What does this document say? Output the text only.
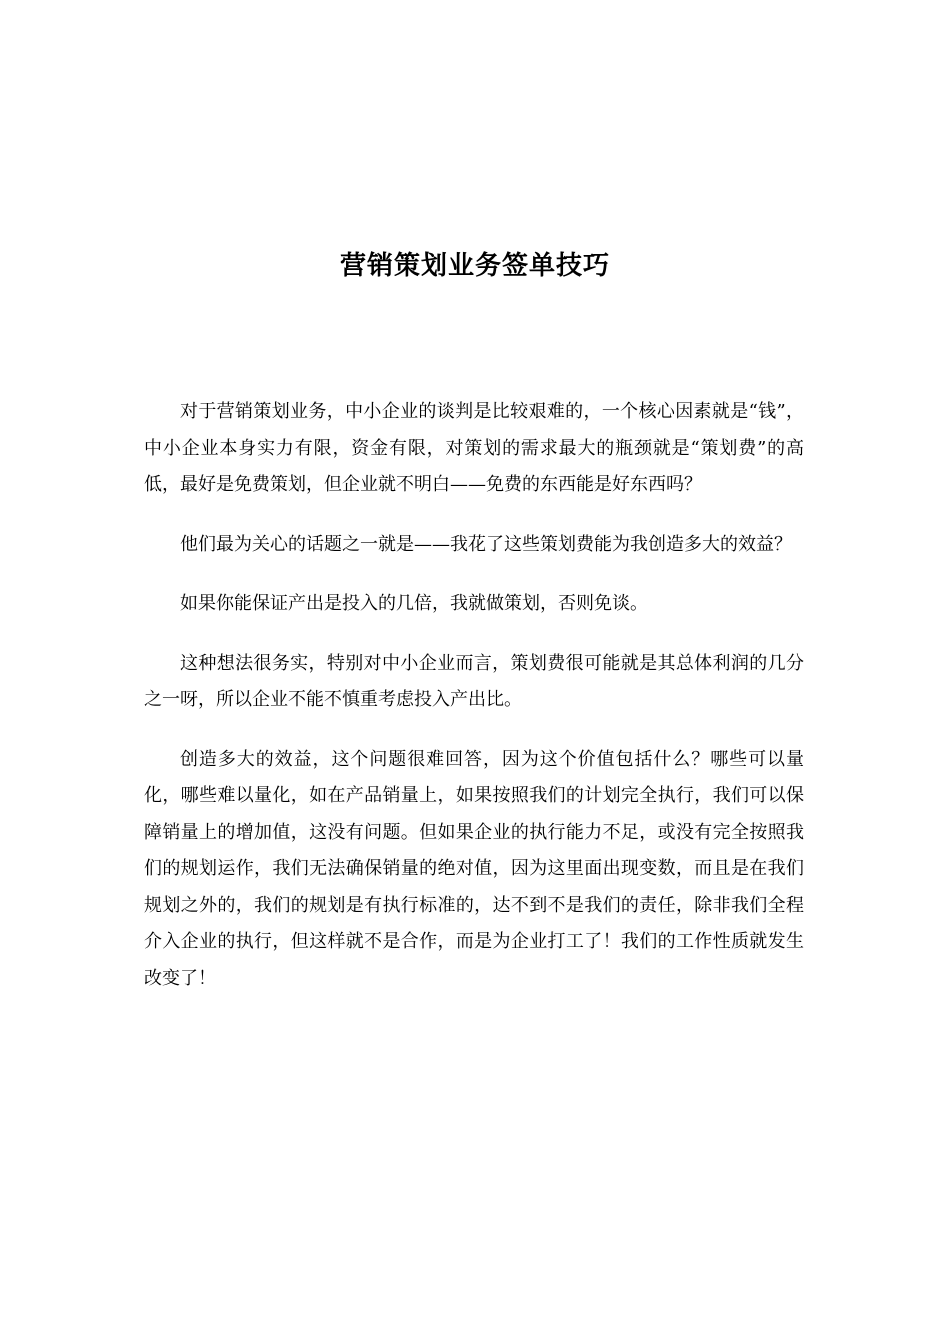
营销策划业务签单技巧

对于营销策划业务，中小企业的谈判是比较艰难的，一个核心因素就是“钱”，中小企业本身实力有限，资金有限，对策划的需求最大的瓶颈就是“策划费”的高低，最好是免费策划，但企业就不明白——免费的东西能是好东西吗？

他们最为关心的话题之一就是——我花了这些策划费能为我创造多大的效益？

如果你能保证产出是投入的几倍，我就做策划，否则免谈。

这种想法很务实，特别对中小企业而言，策划费很可能就是其总体利润的几分之一呀，所以企业不能不慎重考虑投入产出比。

创造多大的效益，这个问题很难回答，因为这个价值包括什么？哪些可以量化，哪些难以量化，如在产品销量上，如果按照我们的计划完全执行，我们可以保障销量上的增加值，这没有问题。但如果企业的执行能力不足，或没有完全按照我们的规划运作，我们无法确保销量的绝对值，因为这里面出现变数，而且是在我们规划之外的，我们的规划是有执行标准的，达不到不是我们的责任，除非我们全程介入企业的执行，但这样就不是合作，而是为企业打工了！我们的工作性质就发生改变了！
